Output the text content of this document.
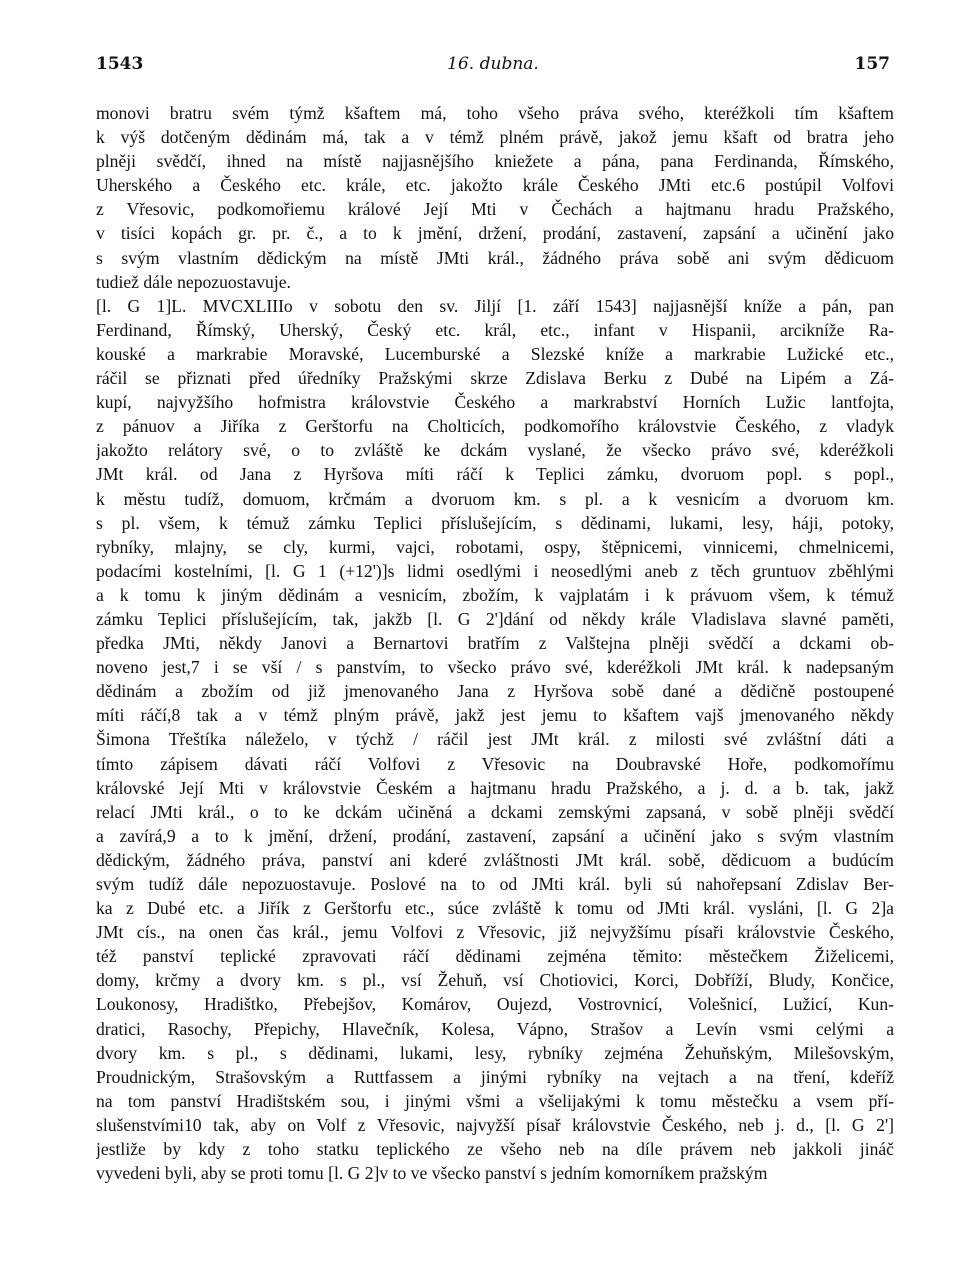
1543	16. dubna.	157
monovi bratru svém týmž kšaftem má, toho všeho práva svého, kteréžkoli tím kšaftem
k výš dotčeným dědinám má, tak a v témž plném právě, jakož jemu kšaft od bratra jeho
plněji svědčí, ihned na místě najjasnějšího kniežete a pána, pana Ferdinanda, Římského,
Uherského a Českého etc. krále, etc. jakožto krále Českého JMti etc.6 postúpil Volfovi
z Vřesovic, podkomořiemu králové Její Mti v Čechách a hajtmanu hradu Pražského,
v tisíci kopách gr. pr. č., a to k jmění, držení, prodání, zastavení, zapsání a učinění jako
s svým vlastním dědickým na místě JMti král., žádného práva sobě ani svým dědicuom
tudiež dále nepozuostavuje.
[l. G 1]L. MVCXLIIIo v sobotu den sv. Jiljí [1. září 1543] najjasnější kníže a pán, pan
Ferdinand, Římský, Uherský, Český etc. král, etc., infant v Hispanii, arcikníže Ra-
kouské a markrabie Moravské, Lucemburské a Slezské kníže a markrabie Lužické etc.,
ráčil se přiznati před úředníky Pražskými skrze Zdislava Berku z Dubé na Lipém a Zá-
kupí, najvyžšího hofmistra královstvie Českého a markrabství Horních Lužic lantfojta,
z pánuov a Jiříka z Gerštorfu na Cholticích, podkomořího královstvie Českého, z vladyk
jakožto relátory své, o to zvláště ke dckám vyslané, že všecko právo své, kderéžkoli
JMt král. od Jana z Hyršova míti ráčí k Teplici zámku, dvoruom popl. s popl.,
k městu tudíž, domuom, krčmám a dvoruom km. s pl. a k vesnicím a dvoruom km.
s pl. všem, k témuž zámku Teplici příslušejícím, s dědinami, lukami, lesy, háji, potoky,
rybníky, mlajny, se cly, kurmi, vajci, robotami, ospy, štěpnicemi, vinnicemi, chmelnicemi,
podacími kostelními, [l. G 1 (+12')]s lidmi osedlými i neosedlými aneb z těch gruntuov zběhlými
a k tomu k jiným dědinám a vesnicím, zbožím, k vajplatám i k právuom všem, k témuž
zámku Teplici příslušejícím, tak, jakžb [l. G 2']dání od někdy krále Vladislava slavné paměti,
předka JMti, někdy Janovi a Bernartovi bratřím z Valštejna plněji svědčí a dckami ob-
noveno jest,7 i se vší / s panstvím, to všecko právo své, kderéžkoli JMt král. k nadepsaným
dědinám a zbožím od již jmenovaného Jana z Hyršova sobě dané a dědičně postoupené
míti ráčí,8 tak a v témž plným právě, jakž jest jemu to kšaftem vajš jmenovaného někdy
Šimona Třeštíka náleželo, v týchž / ráčil jest JMt král. z milosti své zvláštní dáti a
tímto zápisem dávati ráčí Volfovi z Vřesovic na Doubravské Hoře, podkomořímu
královské Její Mti v královstvie Českém a hajtmanu hradu Pražského, a j. d. a b. tak, jakž
relací JMti král., o to ke dckám učiněná a dckami zemskými zapsaná, v sobě plněji svědčí
a zavírá,9 a to k jmění, držení, prodání, zastavení, zapsání a učinění jako s svým vlastním
dědickým, žádného práva, panství ani kderé zvláštnosti JMt král. sobě, dědicuom a budúcím
svým tudíž dále nepozuostavuje. Poslové na to od JMti král. byli sú nahořepsaní Zdislav Ber-
ka z Dubé etc. a Jiřík z Gerštorfu etc., súce zvláště k tomu od JMti král. vysláni, [l. G 2]a
JMt cís., na onen čas král., jemu Volfovi z Vřesovic, již nejvyžšímu písaři královstvie Českého,
též panství teplické zpravovati ráčí dědinami zejména těmito: městečkem Žiželicemi,
domy, krčmy a dvory km. s pl., vsí Žehuň, vsí Chotiovici, Korci, Dobříží, Bludy, Končice,
Loukonosy, Hradištko, Přebejšov, Komárov, Oujezd, Vostrovnicí, Volešnicí, Lužicí, Kun-
dratici, Rasochy, Přepichy, Hlavečník, Kolesa, Vápno, Strašov a Levín vsmi celými a
dvory km. s pl., s dědinami, lukami, lesy, rybníky zejména Žehuňským, Milešovským,
Proudnickým, Strašovským a Ruttfassem a jinými rybníky na vejtach a na tření, kdeříž
na tom panství Hradištském sou, i jinými všmi a všelijakými k tomu městečku a vsem pří-
slušenstvími10 tak, aby on Volf z Vřesovic, najvyžší písař královstvie Českého, neb j. d., [l. G 2']
jestliže by kdy z toho statku teplického ze všeho neb na díle právem neb jakkoli jináč
vyvedeni byli, aby se proti tomu [l. G 2]v to ve všecko panství s jedním komorníkem pražským
